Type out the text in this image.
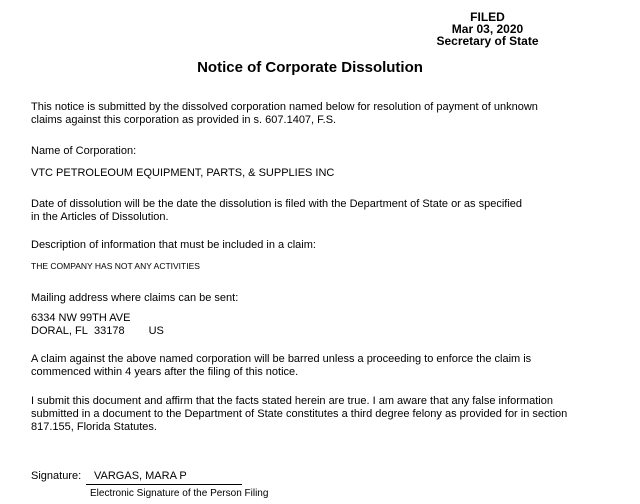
FILED
Mar 03, 2020
Secretary of State
Notice of Corporate Dissolution
This notice is submitted by the dissolved corporation named below for resolution of payment of unknown
claims against this corporation as provided in s. 607.1407, F.S.
Name of Corporation:
VTC PETROLEOUM EQUIPMENT, PARTS, & SUPPLIES INC
Date of dissolution will be the date the dissolution is filed with the Department of State or as specified
in the Articles of Dissolution.
Description of information that must be included in a claim:
THE COMPANY HAS NOT ANY ACTIVITIES
Mailing address where claims can be sent:
6334 NW 99TH AVE
DORAL, FL 33178 US
A claim against the above named corporation will be barred unless a proceeding to enforce the claim is
commenced within 4 years after the filing of this notice.
I submit this document and affirm that the facts stated herein are true. I am aware that any false information
submitted in a document to the Department of State constitutes a third degree felony as provided for in section
817.155, Florida Statutes.
Signature: VARGAS, MARA P
Electronic Signature of the Person Filing
